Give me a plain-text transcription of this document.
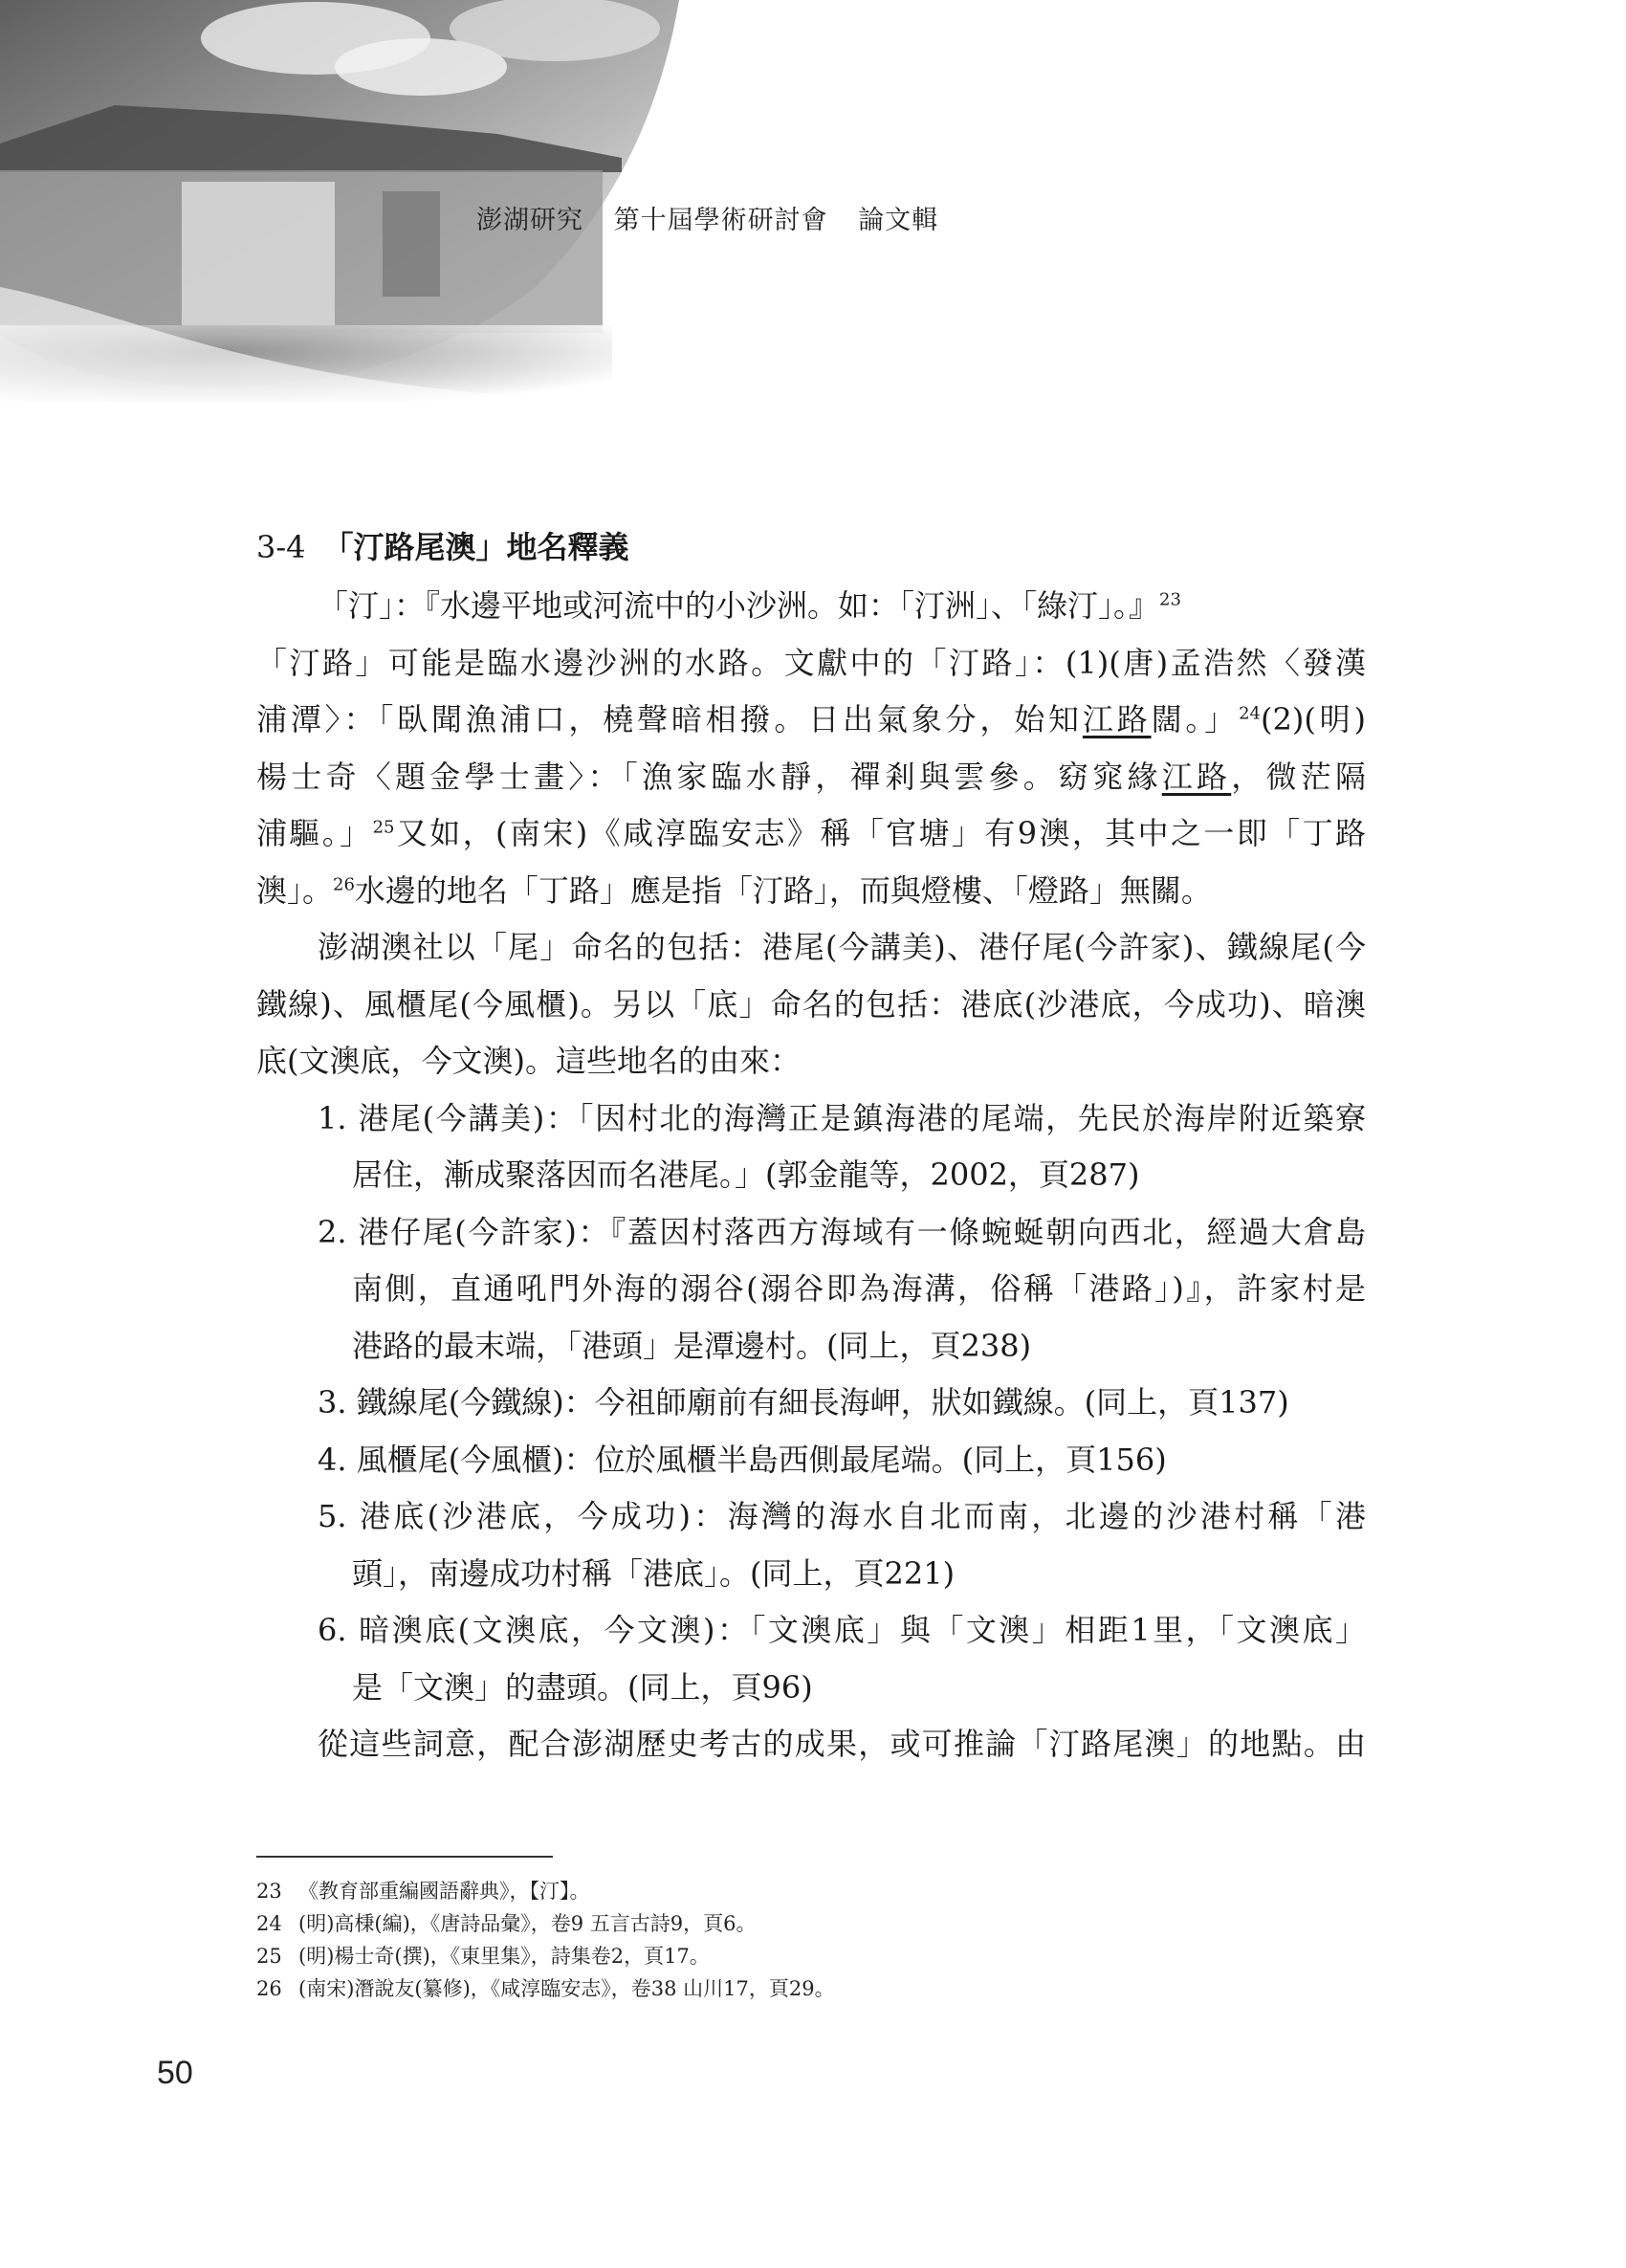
澎湖研究 第十屆學術研討會 論文輯
3-4 「汀路尾澳」地名釋義
「汀」：『水邊平地或河流中的小沙洲。如：「汀洲」、「綠汀」。』$^{23}$
「汀路」可能是臨水邊沙洲的水路。文獻中的「汀路」：(1)(唐)孟浩然〈發漢
浦潭〉：「臥聞漁浦口，橈聲暗相撥。日出氣象分，始知江路闊。」$^{24}$(2)(明)
楊士奇〈題金學士畫〉：「漁家臨水靜，禪剎與雲參。窈窕緣江路，微茫隔
浦驅。」$^{25}$又如，(南宋)《咸淳臨安志》稱「官塘」有9澳，其中之一即「丁路
澳」。$^{26}$水邊的地名「丁路」應是指「汀路」，而與燈樓、「燈路」無關。
澎湖澳社以「尾」命名的包括：港尾(今講美)、港仔尾(今許家)、鐵線尾(今
鐵線)、風櫃尾(今風櫃)。另以「底」命名的包括：港底(沙港底，今成功)、暗澳
底(文澳底，今文澳)。這些地名的由來：
1. 港尾(今講美)：「因村北的海灣正是鎮海港的尾端，先民於海岸附近築寮
居住，漸成聚落因而名港尾。」(郭金龍等，2002，頁287)
2. 港仔尾(今許家)：『蓋因村落西方海域有一條蜿蜒朝向西北，經過大倉島
南側，直通吼門外海的溺谷(溺谷即為海溝，俗稱「港路」)』，許家村是
港路的最末端，「港頭」是潭邊村。(同上，頁238)
3. 鐵線尾(今鐵線)：今祖師廟前有細長海岬，狀如鐵線。(同上，頁137)
4. 風櫃尾(今風櫃)：位於風櫃半島西側最尾端。(同上，頁156)
5. 港底(沙港底，今成功)：海灣的海水自北而南，北邊的沙港村稱「港
頭」，南邊成功村稱「港底」。(同上，頁221)
6. 暗澳底(文澳底，今文澳)：「文澳底」與「文澳」相距1里，「文澳底」
是「文澳」的盡頭。(同上，頁96)
從這些詞意，配合澎湖歷史考古的成果，或可推論「汀路尾澳」的地點。由
23 《教育部重編國語辭典》，【汀】。
24 (明)高棅(編)，《唐詩品彙》，卷9 五言古詩9，頁6。
25 (明)楊士奇(撰)，《東里集》，詩集卷2，頁17。
26 (南宋)潛說友(纂修)，《咸淳臨安志》，卷38 山川17，頁29。
50
